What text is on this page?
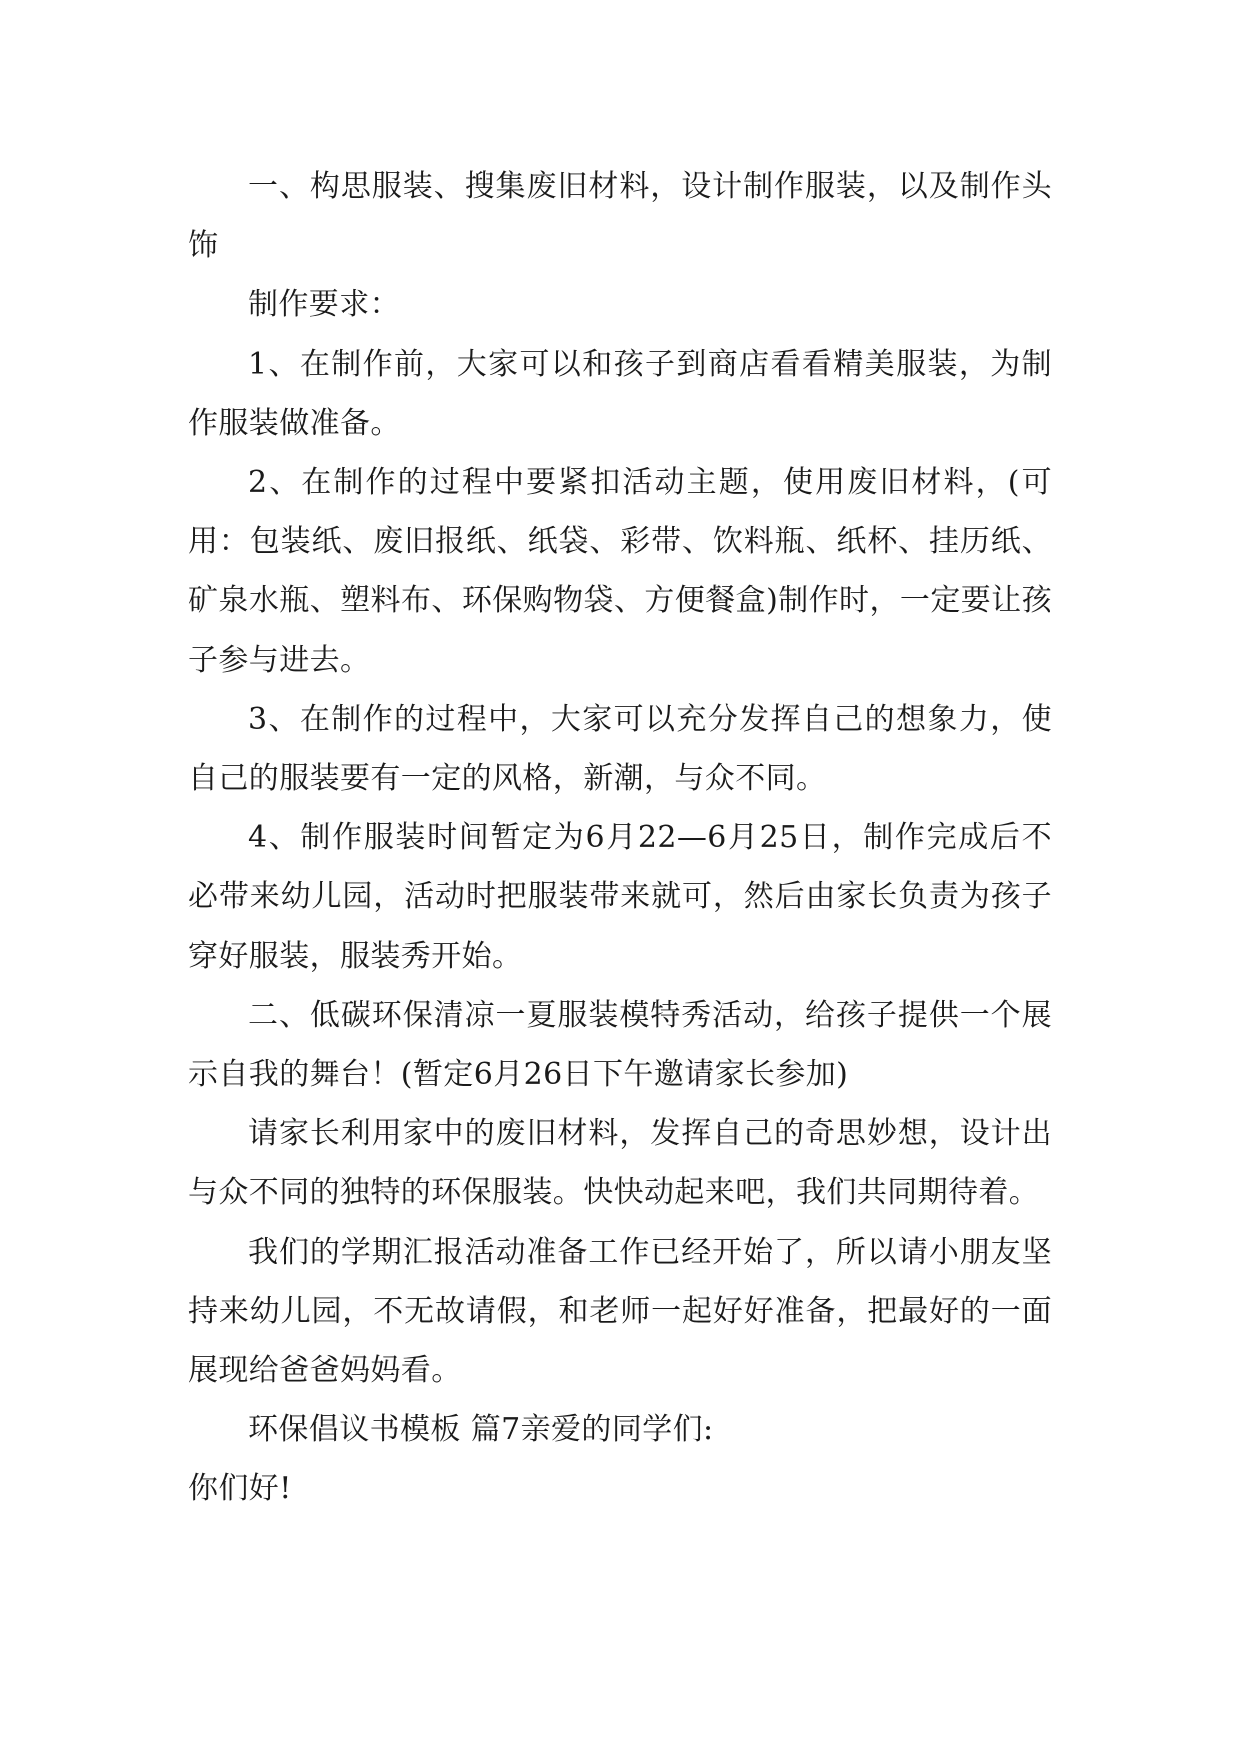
一、构思服装、搜集废旧材料，设计制作服装，以及制作头饰

制作要求：

1、在制作前，大家可以和孩子到商店看看精美服装，为制作服装做准备。

2、在制作的过程中要紧扣活动主题，使用废旧材料，(可用：包装纸、废旧报纸、纸袋、彩带、饮料瓶、纸杯、挂历纸、矿泉水瓶、塑料布、环保购物袋、方便餐盒)制作时，一定要让孩子参与进去。

3、在制作的过程中，大家可以充分发挥自己的想象力，使自己的服装要有一定的风格，新潮，与众不同。

4、制作服装时间暂定为6月22—6月25日，制作完成后不必带来幼儿园，活动时把服装带来就可，然后由家长负责为孩子穿好服装，服装秀开始。

二、低碳环保清凉一夏服装模特秀活动，给孩子提供一个展示自我的舞台！(暂定6月26日下午邀请家长参加)

请家长利用家中的废旧材料，发挥自己的奇思妙想，设计出与众不同的独特的环保服装。快快动起来吧，我们共同期待着。

我们的学期汇报活动准备工作已经开始了，所以请小朋友坚持来幼儿园，不无故请假，和老师一起好好准备，把最好的一面展现给爸爸妈妈看。

环保倡议书模板 篇7亲爱的同学们:

你们好!
